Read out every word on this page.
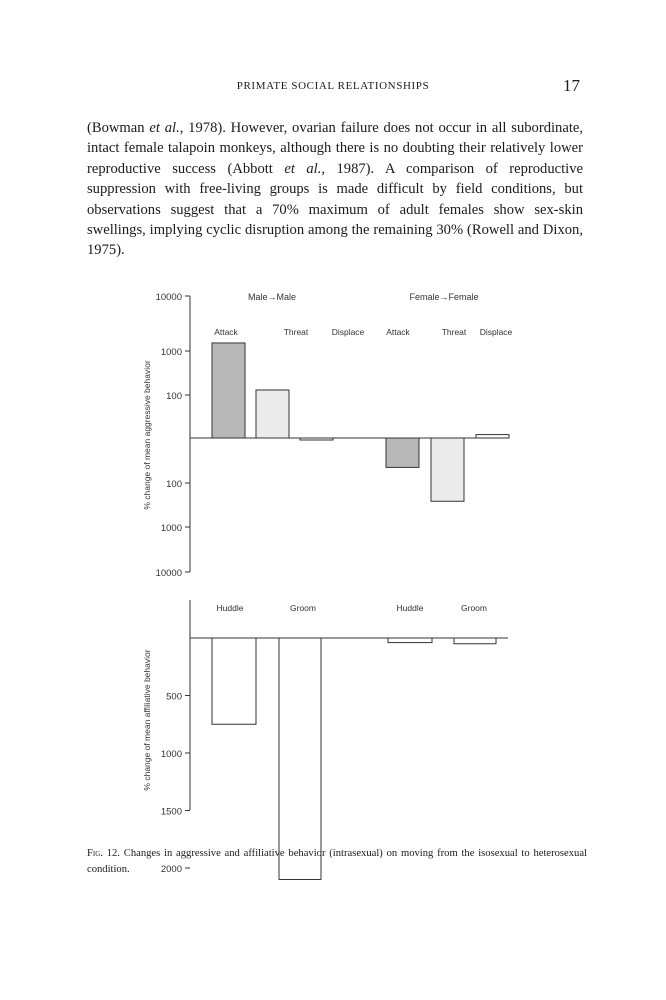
PRIMATE SOCIAL RELATIONSHIPS	17

(Bowman et al., 1978). However, ovarian failure does not occur in all subordinate, intact female talapoin monkeys, although there is no doubting their relatively lower reproductive success (Abbott et al., 1987). A comparison of reproductive suppression with free-living groups is made difficult by field conditions, but observations suggest that a 70% maximum of adult females show sex-skin swellings, implying cyclic disruption among the remaining 30% (Rowell and Dixon, 1975).

10000
1000
100
100
1000
10000
% change of mean aggressive behavior
Male→Male	Female→Female
Attack	Threat	Displace	Attack	Threat Displace
500
1000
1500
2000
% change of mean affiliative behavior
Huddle	Groom	Huddle	Groom

Fig. 12. Changes in aggressive and affiliative behavior (intrasexual) on moving from the isosexual to heterosexual condition.
